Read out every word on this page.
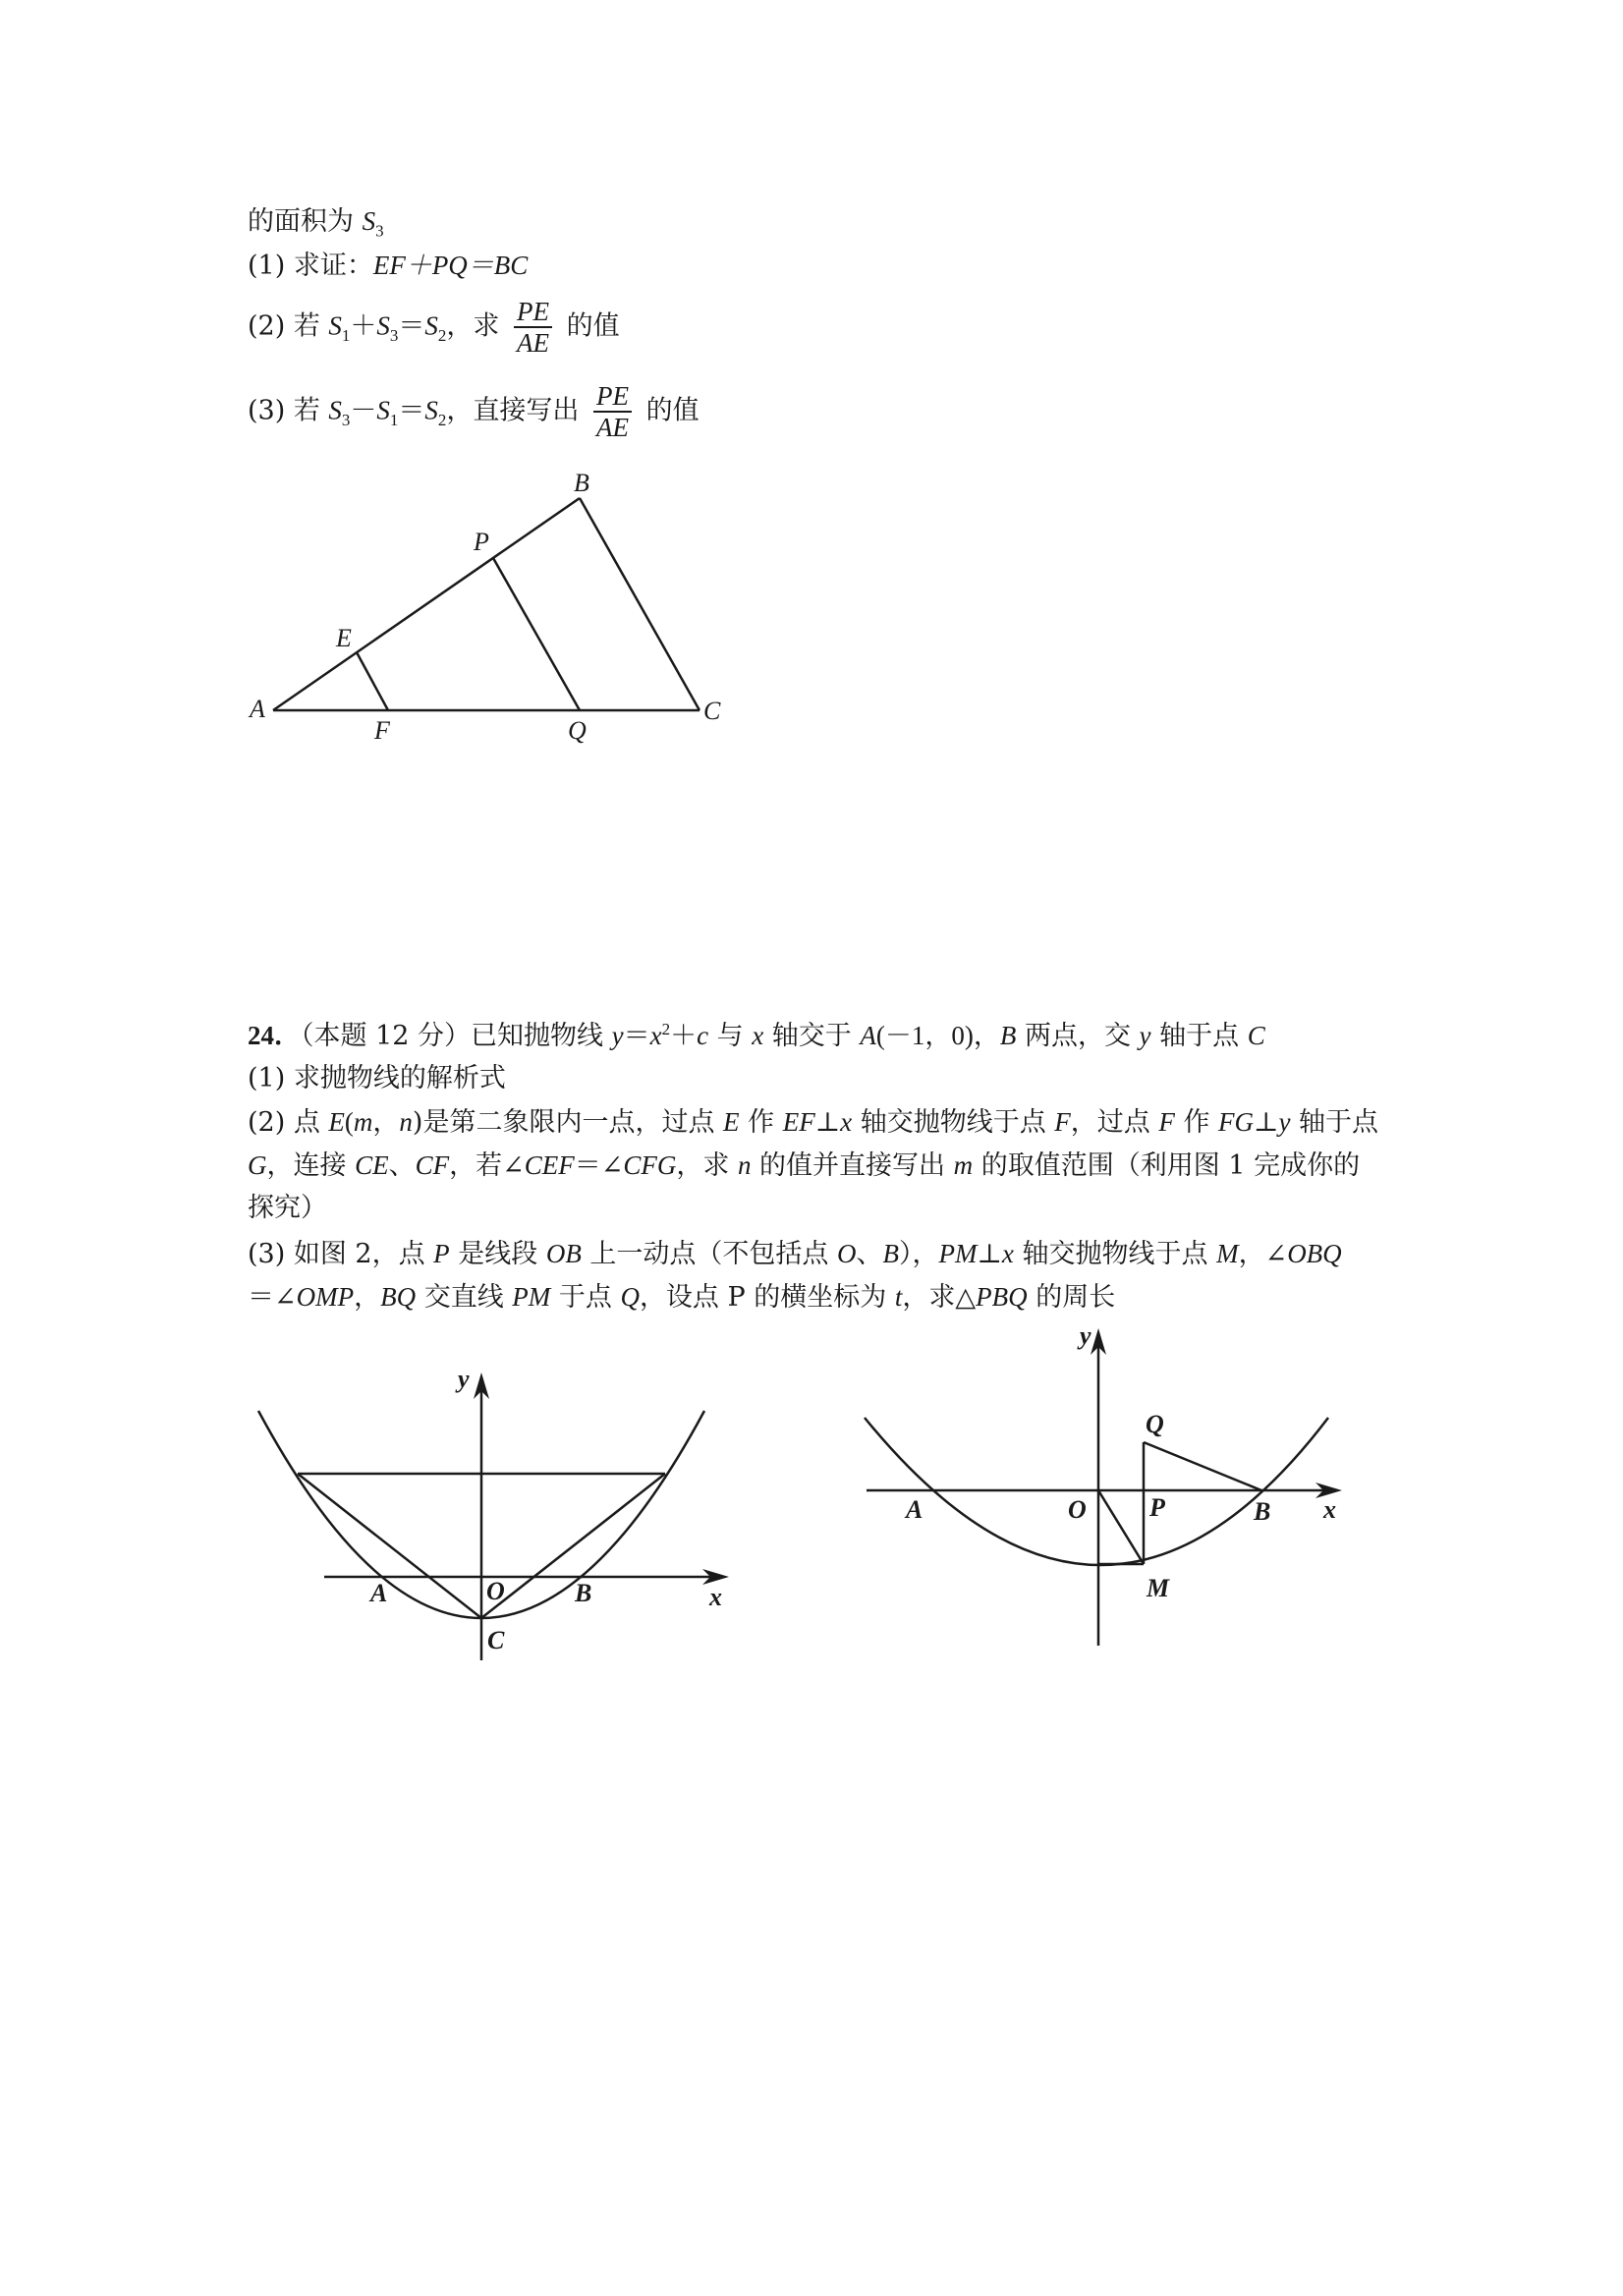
的面积为 $S_3$
(1) 求证：EF＋PQ＝BC
(2) 若 $S_1+S_3=S_2$，求 $\frac{PE}{AE}$ 的值
(3) 若 $S_3-S_1=S_2$，直接写出 $\frac{PE}{AE}$ 的值
A
B
C
E
F
P
Q
24．（本题 12 分）已知抛物线 $y=x^2+c$ 与 x 轴交于 A(－1，0)，B 两点，交 y 轴于点 C
(1) 求抛物线的解析式
(2) 点 E(m，n)是第二象限内一点，过点 E 作 EF⊥x 轴交抛物线于点 F，过点 F 作 FG⊥y 轴于点
G，连接 CE、CF，若∠CEF＝∠CFG，求 n 的值并直接写出 m 的取值范围（利用图 1 完成你的
探究）
(3) 如图 2，点 P 是线段 OB 上一动点（不包括点 O、B），PM⊥x 轴交抛物线于点 M，∠OBQ
＝∠OMP，BQ 交直线 PM 于点 Q，设点 P 的横坐标为 t，求△PBQ 的周长
y
x
A	O	B
C
y
x
A	O P	B
Q
M
